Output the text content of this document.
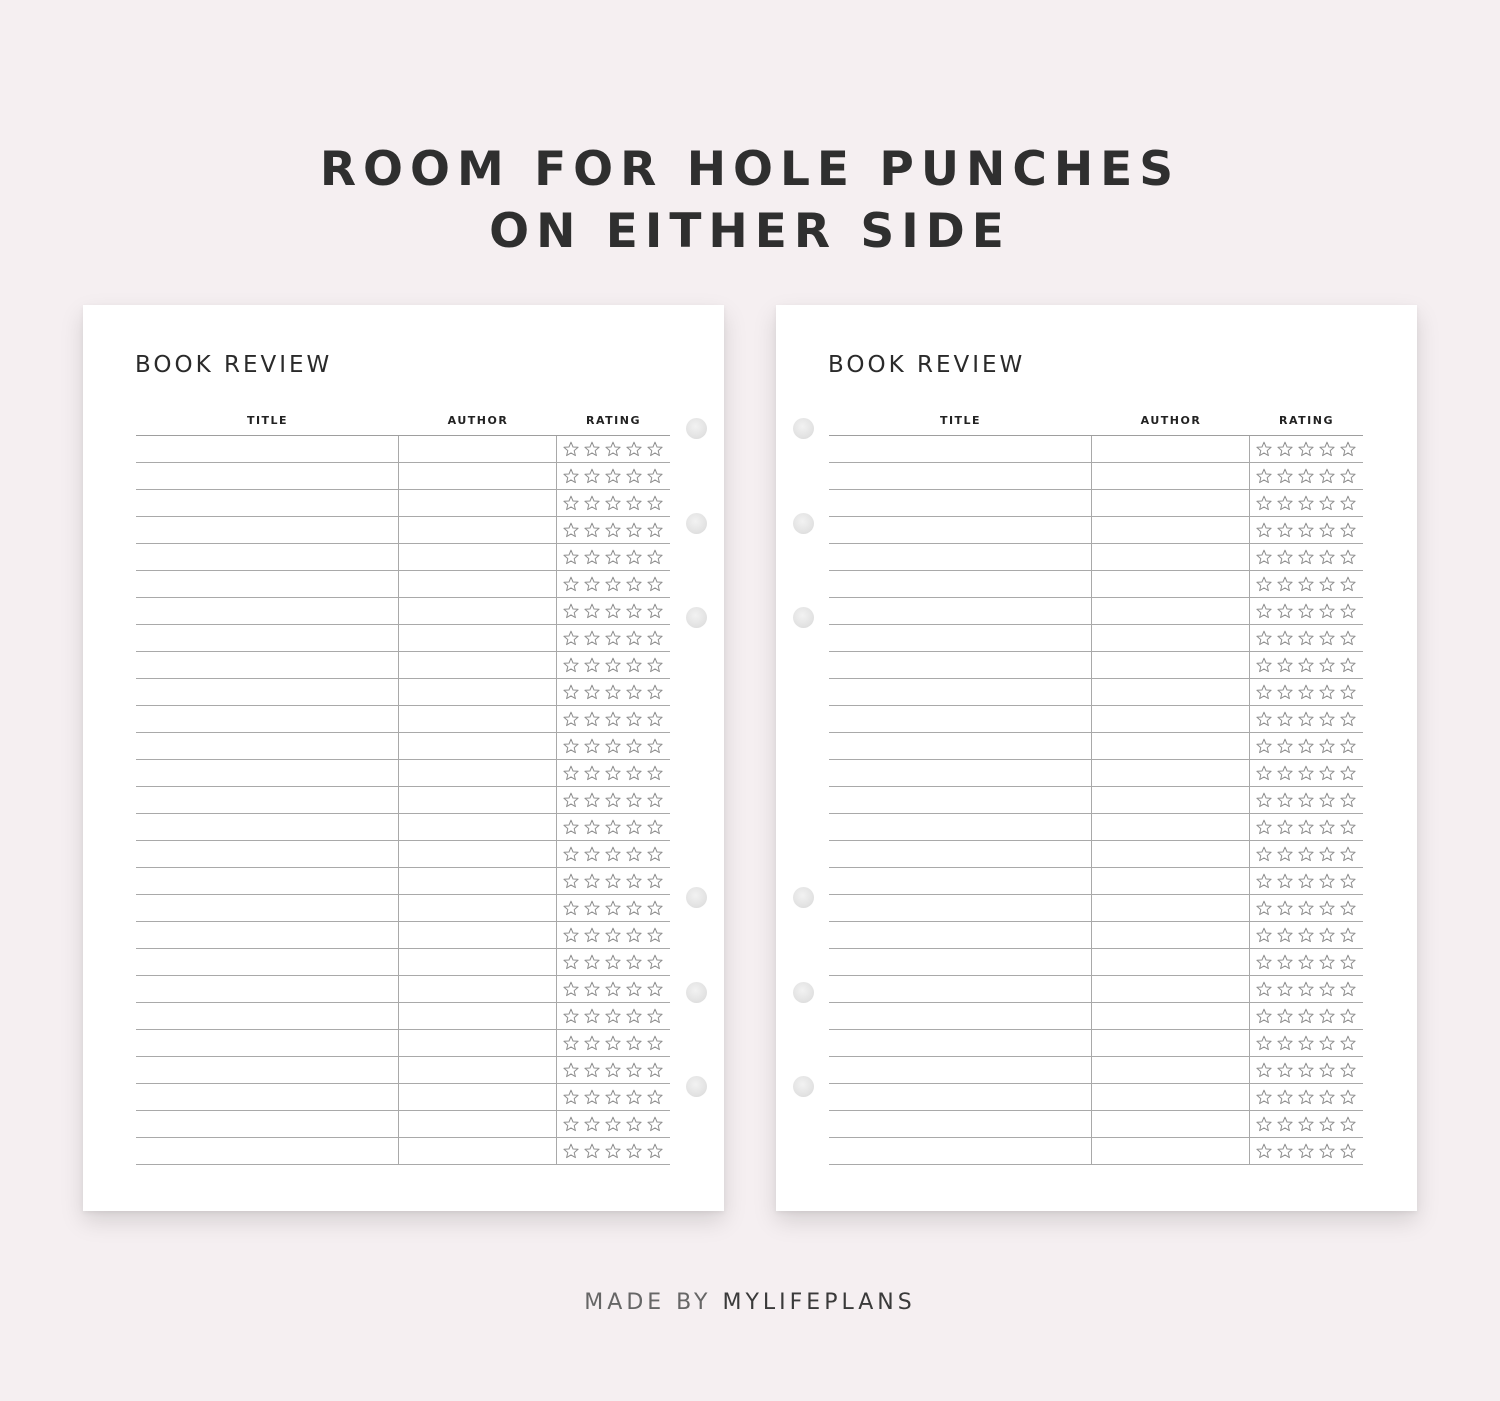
ROOM FOR HOLE PUNCHES
ON EITHER SIDE
BOOK REVIEW
TITLE	AUTHOR	RATING
BOOK REVIEW
TITLE	AUTHOR	RATING
MADE BY MYLIFEPLANS
